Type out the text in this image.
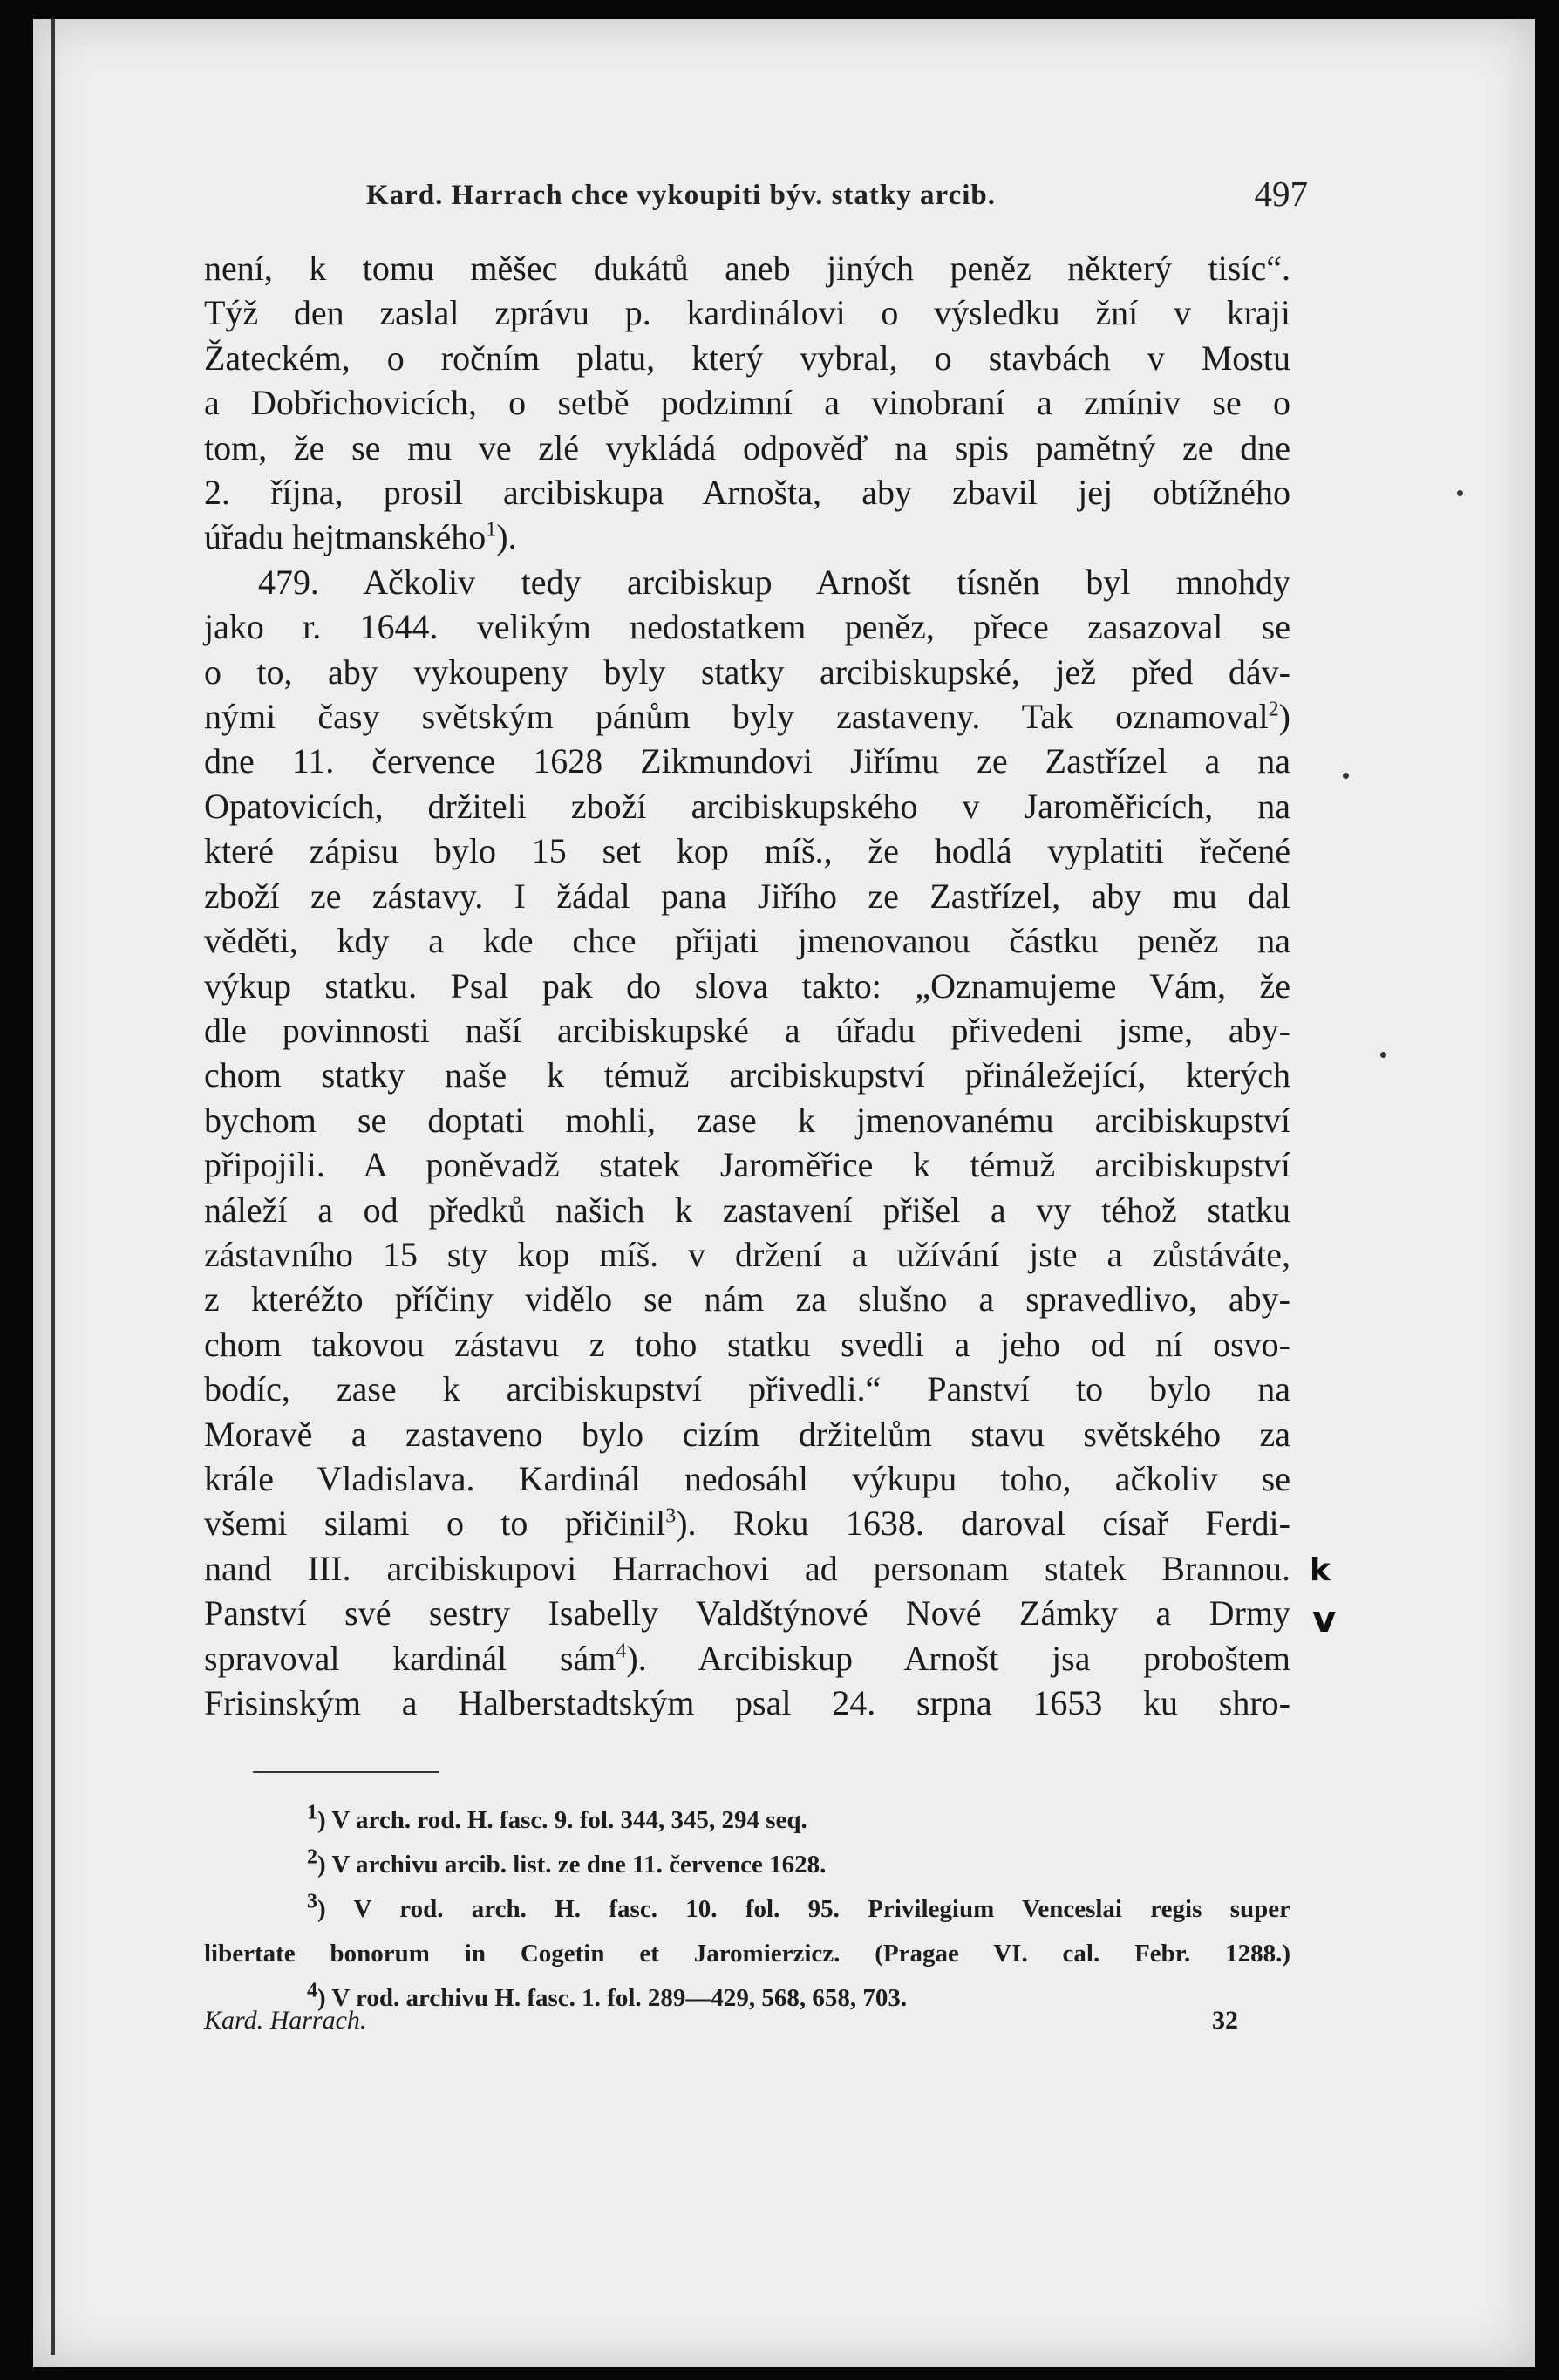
Kard. Harrach chce vykoupiti býv. statky arcib.	497
není, k tomu měšec dukátů aneb jiných peněz některý tisíc“.
Týž den zaslal zprávu p. kardinálovi o výsledku žní v kraji
Žateckém, o ročním platu, který vybral, o stavbách v Mostu
a Dobřichovicích, o setbě podzimní a vinobraní a zmíniv se o
tom, že se mu ve zlé vykládá odpověď na spis pamětný ze dne
2. října, prosil arcibiskupa Arnošta, aby zbavil jej obtížného
úřadu hejtmanského$^1$).
479. Ačkoliv tedy arcibiskup Arnošt tísněn byl mnohdy
jako r. 1644. velikým nedostatkem peněz, přece zasazoval se
o to, aby vykoupeny byly statky arcibiskupské, jež před dáv-
nými časy světským pánům byly zastaveny. Tak oznamoval$^2$)
dne 11. července 1628 Zikmundovi Jiřímu ze Zastřízel a na
Opatovicích, držiteli zboží arcibiskupského v Jaroměřicích, na
které zápisu bylo 15 set kop míš., že hodlá vyplatiti řečené
zboží ze zástavy. I žádal pana Jiřího ze Zastřízel, aby mu dal
věděti, kdy a kde chce přijati jmenovanou částku peněz na
výkup statku. Psal pak do slova takto: „Oznamujeme Vám, že
dle povinnosti naší arcibiskupské a úřadu přivedeni jsme, aby-
chom statky naše k témuž arcibiskupství přináležející, kterých
bychom se doptati mohli, zase k jmenovanému arcibiskupství
připojili. A poněvadž statek Jaroměřice k témuž arcibiskupství
náleží a od předků našich k zastavení přišel a vy téhož statku
zástavního 15 sty kop míš. v držení a užívání jste a zůstáváte,
z kteréžto příčiny vidělo se nám za slušno a spravedlivo, aby-
chom takovou zástavu z toho statku svedli a jeho od ní osvo-
bodíc, zase k arcibiskupství přivedli.“ Panství to bylo na
Moravě a zastaveno bylo cizím držitelům stavu světského za
krále Vladislava. Kardinál nedosáhl výkupu toho, ačkoliv se
všemi silami o to přičinil$^3$). Roku 1638. daroval císař Ferdi-
nand III. arcibiskupovi Harrachovi ad personam statek Brannou.
Panství své sestry Isabelly Valdštýnové Nové Zámky a Drmy
spravoval kardinál sám$^4$). Arcibiskup Arnošt jsa proboštem
Frisinským a Halberstadtským psal 24. srpna 1653 ku shro-
$^1$) V arch. rod. H. fasc. 9. fol. 344, 345, 294 seq.
$^2$) V archivu arcib. list. ze dne 11. července 1628.
$^3$) V rod. arch. H. fasc. 10. fol. 95. Privilegium Venceslai regis super
libertate bonorum in Cogetin et Jaromierzicz. (Pragae VI. cal. Febr. 1288.)
$^4$) V rod. archivu H. fasc. 1. fol. 289—429, 568, 658, 703.
Kard. Harrach.	32
k
v
